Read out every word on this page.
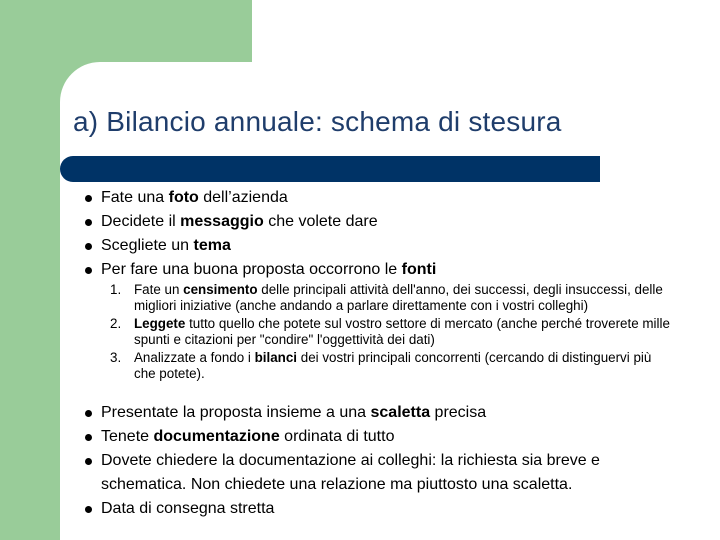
a) Bilancio annuale: schema di stesura
Fate una foto dell’azienda
Decidete il messaggio che volete dare
Scegliete un tema
Per fare una buona proposta occorrono le fonti
1. Fate un censimento delle principali attività dell'anno, dei successi, degli insuccessi, delle migliori iniziative (anche andando a parlare direttamente con i vostri colleghi)
2. Leggete tutto quello che potete sul vostro settore di mercato (anche perché troverete mille spunti e citazioni per "condire" l'oggettività dei dati)
3. Analizzate a fondo i bilanci dei vostri principali concorrenti (cercando di distinguervi più che potete).
Presentate la proposta insieme a una scaletta precisa
Tenete documentazione ordinata di tutto
Dovete chiedere la documentazione ai colleghi: la richiesta sia breve e schematica. Non chiedete una relazione ma piuttosto una scaletta.
Data di consegna stretta
